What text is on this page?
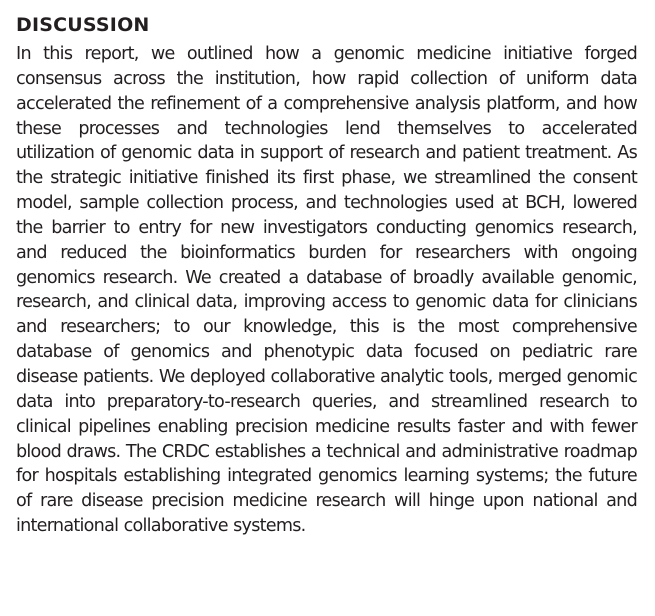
DISCUSSION

In this report, we outlined how a genomic medicine initiative forged consensus across the institution, how rapid collection of uniform data accelerated the refinement of a comprehensive analysis platform, and how these processes and technologies lend themselves to accelerated utilization of genomic data in support of research and patient treatment. As the strategic initiative finished its first phase, we streamlined the consent model, sample collection process, and technologies used at BCH, lowered the barrier to entry for new investigators conducting genomics research, and reduced the bioinformatics burden for researchers with ongoing genomics research. We created a database of broadly available genomic, research, and clinical data, improving access to genomic data for clinicians and researchers; to our knowledge, this is the most comprehensive database of genomics and phenotypic data focused on pediatric rare disease patients. We deployed collaborative analytic tools, merged genomic data into preparatory-to-research queries, and streamlined research to clinical pipelines enabling precision medicine results faster and with fewer blood draws. The CRDC establishes a technical and administrative roadmap for hospitals establishing integrated genomics learning systems; the future of rare disease precision medicine research will hinge upon national and international collaborative systems.
